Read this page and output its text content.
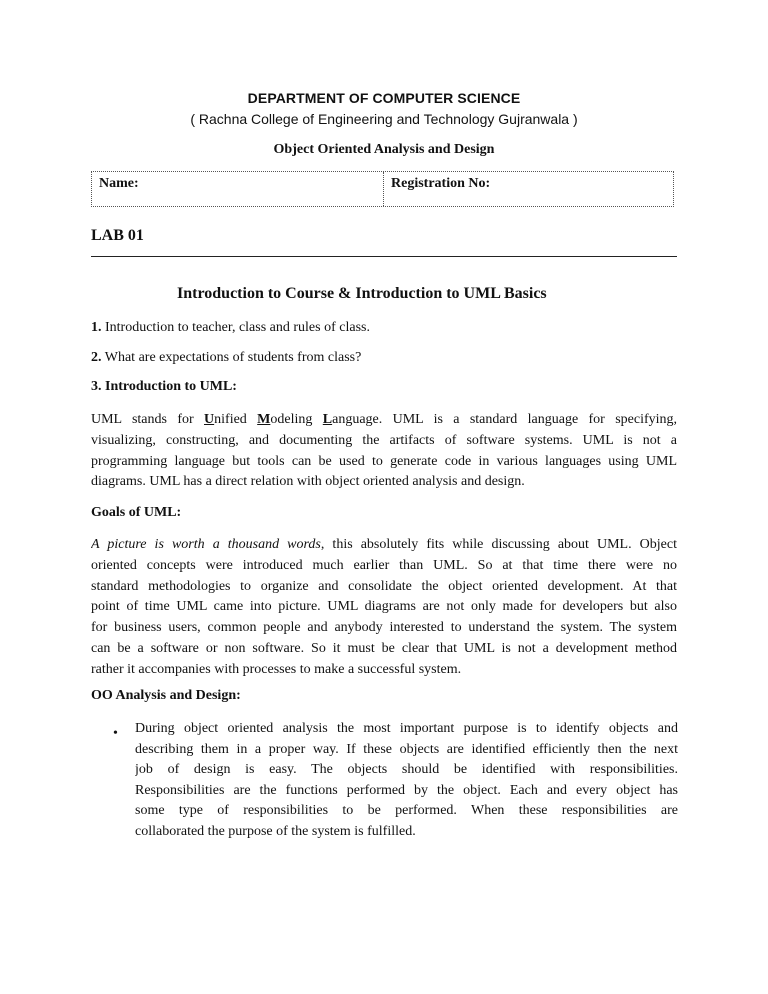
DEPARTMENT OF COMPUTER SCIENCE
( Rachna College of Engineering and Technology Gujranwala )
Object Oriented Analysis and Design
Name:	Registration No:
LAB 01
Introduction to Course & Introduction to UML Basics
1. Introduction to teacher, class and rules of class.
2. What are expectations of students from class?
3. Introduction to UML:
UML stands for Unified Modeling Language. UML is a standard language for specifying,
visualizing, constructing, and documenting the artifacts of software systems. UML is not a
programming language but tools can be used to generate code in various languages using UML
diagrams. UML has a direct relation with object oriented analysis and design.
Goals of UML:
A picture is worth a thousand words, this absolutely fits while discussing about UML. Object
oriented concepts were introduced much earlier than UML. So at that time there were no
standard methodologies to organize and consolidate the object oriented development. At that
point of time UML came into picture. UML diagrams are not only made for developers but also
for business users, common people and anybody interested to understand the system. The system
can be a software or non software. So it must be clear that UML is not a development method
rather it accompanies with processes to make a successful system.
OO Analysis and Design:
• During object oriented analysis the most important purpose is to identify objects and
describing them in a proper way. If these objects are identified efficiently then the next
job of design is easy. The objects should be identified with responsibilities.
Responsibilities are the functions performed by the object. Each and every object has
some type of responsibilities to be performed. When these responsibilities are
collaborated the purpose of the system is fulfilled.
